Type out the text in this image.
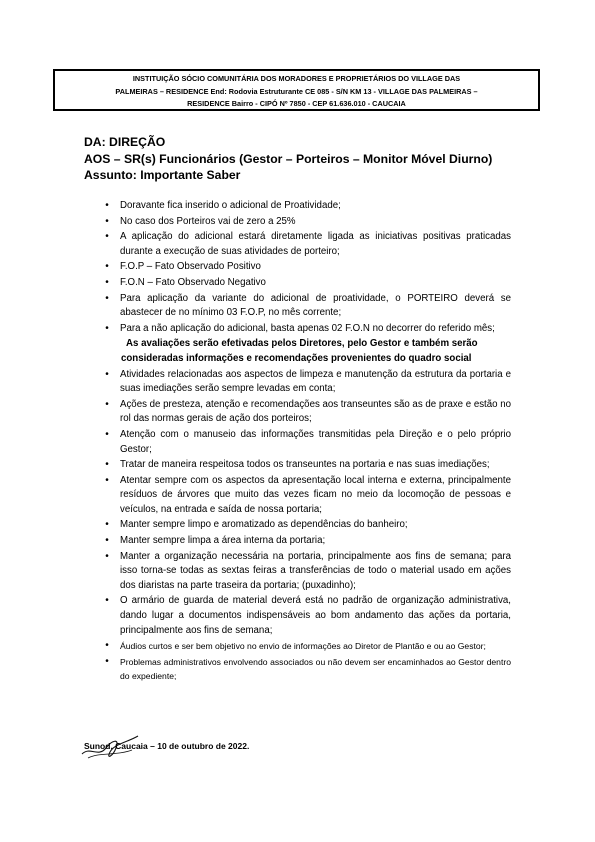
INSTITUIÇÃO SÓCIO COMUNITÁRIA DOS MORADORES E PROPRIETÁRIOS DO VILLAGE DAS
PALMEIRAS – RESIDENCE End: Rodovia Estruturante CE 085 - S/N KM 13 - VILLAGE DAS PALMEIRAS –
RESIDENCE Bairro - CIPÓ Nº 7850 - CEP 61.636.010 - CAUCAIA
DA: DIREÇÃO
AOS – SR(s) Funcionários (Gestor – Porteiros – Monitor Móvel Diurno)
Assunto: Importante Saber
• Doravante fica inserido o adicional de Proatividade;
• No caso dos Porteiros vai de zero a 25%
• A aplicação do adicional estará diretamente ligada as iniciativas positivas praticadas durante a execução de suas atividades de porteiro;
• F.O.P – Fato Observado Positivo
• F.O.N – Fato Observado Negativo
• Para aplicação da variante do adicional de proatividade, o PORTEIRO deverá se abastecer de no mínimo 03 F.O.P, no mês corrente;
• Para a não aplicação do adicional, basta apenas 02 F.O.N no decorrer do referido mês;
As avaliações serão efetivadas pelos Diretores, pelo Gestor e também serão
consideradas informações e recomendações provenientes do quadro social
• Atividades relacionadas aos aspectos de limpeza e manutenção da estrutura da portaria e suas imediações serão sempre levadas em conta;
• Ações de presteza, atenção e recomendações aos transeuntes são as de praxe e estão no rol das normas gerais de ação dos porteiros;
• Atenção com o manuseio das informações transmitidas pela Direção e o pelo próprio Gestor;
• Tratar de maneira respeitosa todos os transeuntes na portaria e nas suas imediações;
• Atentar sempre com os aspectos da apresentação local interna e externa, principalmente resíduos de árvores que muito das vezes ficam no meio da locomoção de pessoas e veículos, na entrada e saída de nossa portaria;
• Manter sempre limpo e aromatizado as dependências do banheiro;
• Manter sempre limpa a área interna da portaria;
• Manter a organização necessária na portaria, principalmente aos fins de semana; para isso torna-se todas as sextas feiras a transferências de todo o material usado em ações dos diaristas na parte traseira da portaria; (puxadinho);
• O armário de guarda de material deverá está no padrão de organização administrativa, dando lugar a documentos indispensáveis ao bom andamento das ações da portaria, principalmente aos fins de semana;
• Áudios curtos e ser bem objetivo no envio de informações ao Diretor de Plantão e ou ao Gestor;
• Problemas administrativos envolvendo associados ou não devem ser encaminhados ao Gestor dentro do expediente;
Sunod, Caucaia – 10 de outubro de 2022.
